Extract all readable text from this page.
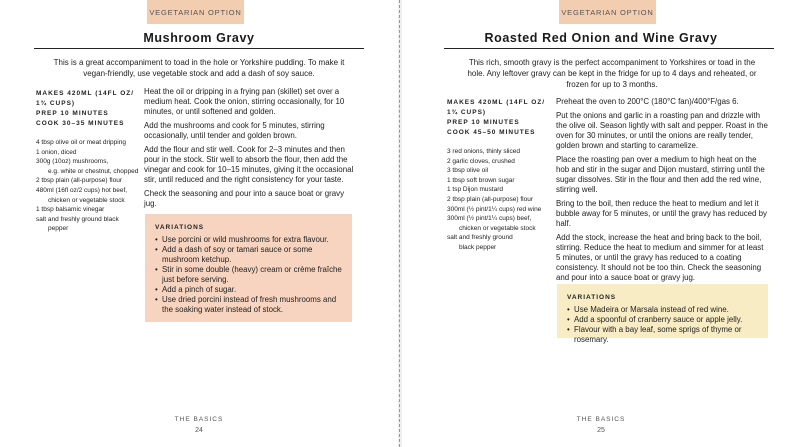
VEGETARIAN OPTION
Mushroom Gravy
This is a great accompaniment to toad in the hole or Yorkshire pudding. To make it vegan-friendly, use vegetable stock and add a dash of soy sauce.
MAKES 420ML (14FL OZ/
1¾ CUPS)
PREP 10 MINUTES
COOK 30–35 MINUTES
4 tbsp olive oil or meat dripping
1 onion, diced
300g (10oz) mushrooms,
e.g. white or chestnut, chopped
2 tbsp plain (all-purpose) flour
480ml (16fl oz/2 cups) hot beef,
chicken or vegetable stock
1 tbsp balsamic vinegar
salt and freshly ground black
pepper

Heat the oil or dripping in a frying pan (skillet) set over a medium heat. Cook the onion, stirring occasionally, for 10 minutes, or until softened and golden.

Add the mushrooms and cook for 5 minutes, stirring occasionally, until tender and golden brown.

Add the flour and stir well. Cook for 2–3 minutes and then pour in the stock. Stir well to absorb the flour, then add the vinegar and cook for 10–15 minutes, giving it the occasional stir, until reduced and the right consistency for your taste.

Check the seasoning and pour into a sauce boat or gravy jug.

VARIATIONS
• Use porcini or wild mushrooms for extra flavour.
• Add a dash of soy or tamari sauce or some mushroom ketchup.
• Stir in some double (heavy) cream or crème fraîche just before serving.
• Add a pinch of sugar.
• Use dried porcini instead of fresh mushrooms and the soaking water instead of stock.
THE BASICS
24
VEGETARIAN OPTION
Roasted Red Onion and Wine Gravy
This rich, smooth gravy is the perfect accompaniment to Yorkshires or toad in the hole. Any leftover gravy can be kept in the fridge for up to 4 days and reheated, or frozen for up to 3 months.
MAKES 420ML (14FL OZ/
1¾ CUPS)
PREP 10 MINUTES
COOK 45–50 MINUTES
3 red onions, thinly sliced
2 garlic cloves, crushed
3 tbsp olive oil
1 tbsp soft brown sugar
1 tsp Dijon mustard
2 tbsp plain (all-purpose) flour
300ml (½ pint/1¼ cups) red wine
300ml (½ pint/1¼ cups) beef,
chicken or vegetable stock
salt and freshly ground
black pepper

Preheat the oven to 200°C (180°C fan)/400°F/gas 6.

Put the onions and garlic in a roasting pan and drizzle with the olive oil. Season lightly with salt and pepper. Roast in the oven for 30 minutes, or until the onions are really tender, golden brown and starting to caramelize.

Place the roasting pan over a medium to high heat on the hob and stir in the sugar and Dijon mustard, stirring until the sugar dissolves. Stir in the flour and then add the red wine, stirring well.

Bring to the boil, then reduce the heat to medium and let it bubble away for 5 minutes, or until the gravy has reduced by half.

Add the stock, increase the heat and bring back to the boil, stirring. Reduce the heat to medium and simmer for at least 5 minutes, or until the gravy has reduced to a coating consistency. It should not be too thin. Check the seasoning and pour into a sauce boat or gravy jug.

VARIATIONS
• Use Madeira or Marsala instead of red wine.
• Add a spoonful of cranberry sauce or apple jelly.
• Flavour with a bay leaf, some sprigs of thyme or rosemary.
THE BASICS
25
